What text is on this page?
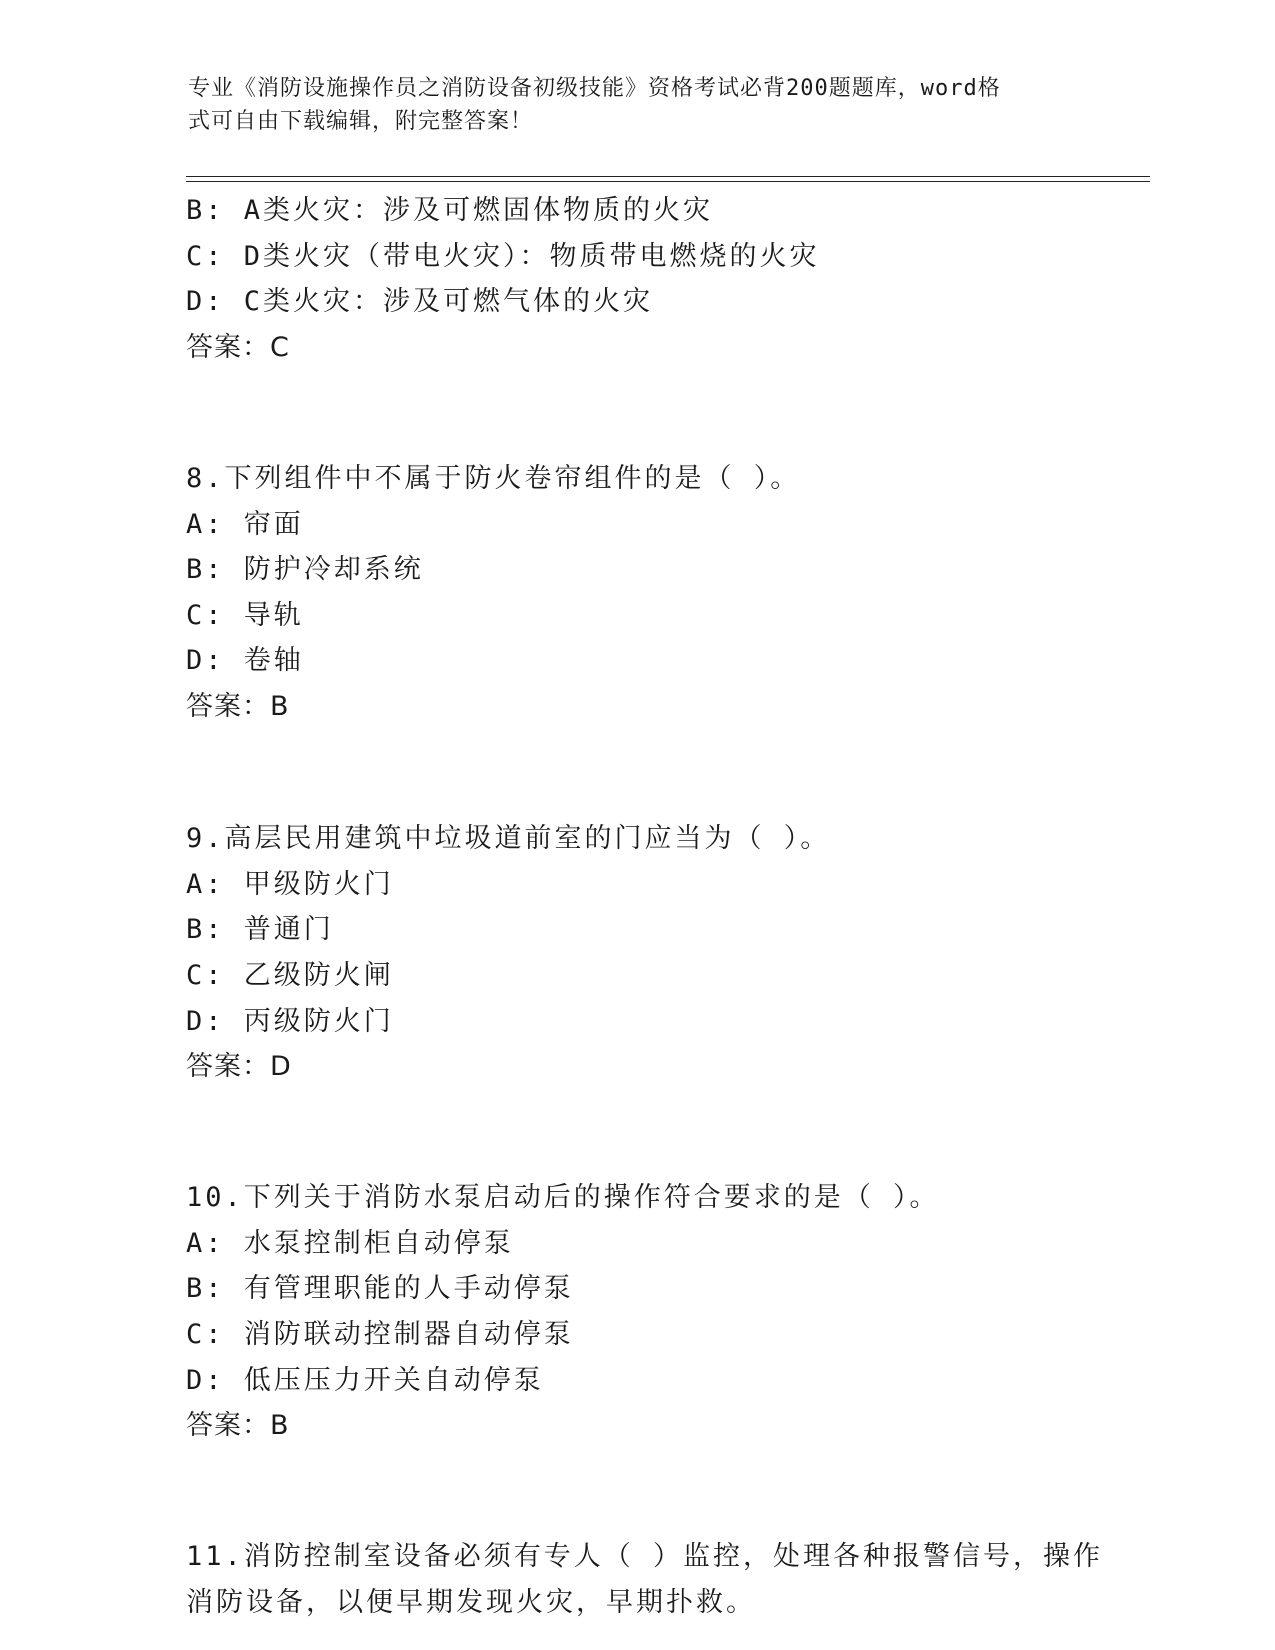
专业《消防设施操作员之消防设备初级技能》资格考试必背200题题库，word格
式可自由下载编辑，附完整答案！
B: A类火灾：涉及可燃固体物质的火灾
C: D类火灾（带电火灾）：物质带电燃烧的火灾
D: C类火灾：涉及可燃气体的火灾
答案：C
8.下列组件中不属于防火卷帘组件的是（ ）。
A: 帘面
B: 防护冷却系统
C: 导轨
D: 卷轴
答案：B
9.高层民用建筑中垃圾道前室的门应当为（ ）。
A: 甲级防火门
B: 普通门
C: 乙级防火闸
D: 丙级防火门
答案：D
10.下列关于消防水泵启动后的操作符合要求的是（ ）。
A: 水泵控制柜自动停泵
B: 有管理职能的人手动停泵
C: 消防联动控制器自动停泵
D: 低压压力开关自动停泵
答案：B
11.消防控制室设备必须有专人（ ）监控，处理各种报警信号，操作
消防设备，以便早期发现火灾，早期扑救。
